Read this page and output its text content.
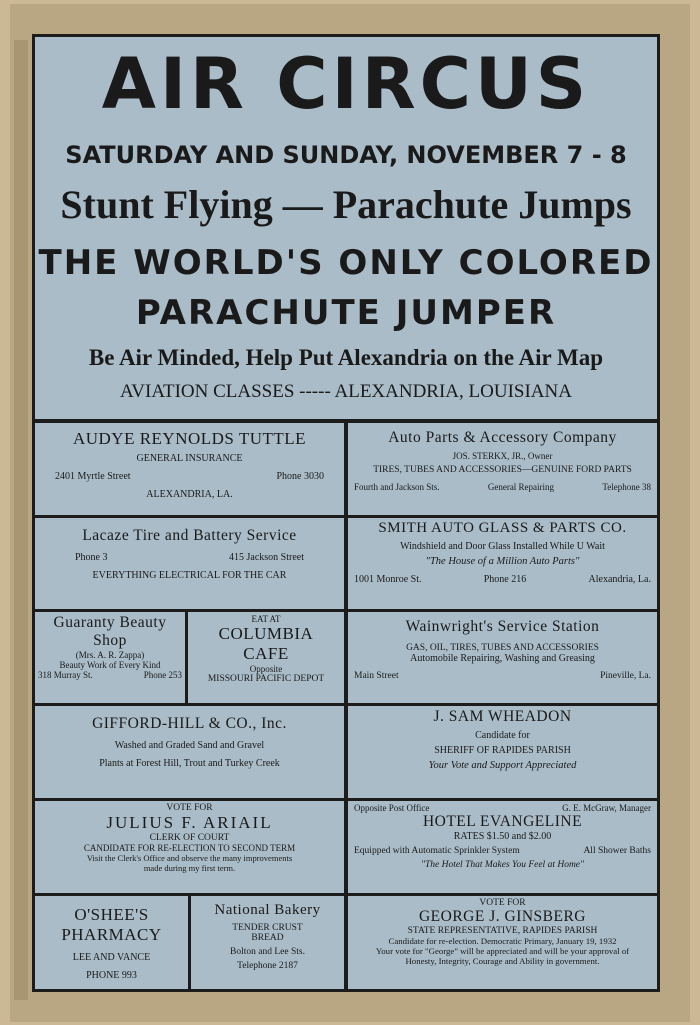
AIR CIRCUS
SATURDAY AND SUNDAY, NOVEMBER 7 - 8
Stunt Flying — Parachute Jumps
THE WORLD'S ONLY COLORED
PARACHUTE JUMPER
Be Air Minded, Help Put Alexandria on the Air Map
AVIATION CLASSES ----- ALEXANDRIA, LOUISIANA
AUDYE REYNOLDS TUTTLE
GENERAL INSURANCE
2401 Myrtle Street	Phone 3030
ALEXANDRIA, LA.
Auto Parts & Accessory Company
JOS. STERKX, JR., Owner
TIRES, TUBES AND ACCESSORIES—GENUINE FORD PARTS
Fourth and Jackson Sts.	General Repairing	Telephone 38
Lacaze Tire and Battery Service
Phone 3	415 Jackson Street
EVERYTHING ELECTRICAL FOR THE CAR
SMITH AUTO GLASS & PARTS CO.
Windshield and Door Glass Installed While U Wait
"The House of a Million Auto Parts"
1001 Monroe St.	Phone 216	Alexandria, La.
Guaranty Beauty
Shop
(Mrs. A. R. Zappa)
Beauty Work of Every Kind
318 Murray St.	Phone 253
EAT AT
COLUMBIA
CAFE
Opposite
MISSOURI PACIFIC DEPOT
Wainwright's Service Station
GAS, OIL, TIRES, TUBES AND ACCESSORIES
Automobile Repairing, Washing and Greasing
Main Street	Pineville, La.
GIFFORD-HILL & CO., Inc.
Washed and Graded Sand and Gravel
Plants at Forest Hill, Trout and Turkey Creek
J. SAM WHEADON
Candidate for
SHERIFF OF RAPIDES PARISH
Your Vote and Support Appreciated
VOTE FOR
JULIUS F. ARIAIL
CLERK OF COURT
CANDIDATE FOR RE-ELECTION TO SECOND TERM
Visit the Clerk's Office and observe the many improvements
made during my first term.
Opposite Post Office	G. E. McGraw, Manager
HOTEL EVANGELINE
RATES $1.50 and $2.00
Equipped with Automatic Sprinkler System	All Shower Baths
"The Hotel That Makes You Feel at Home"
O'SHEE'S
PHARMACY
LEE AND VANCE
PHONE 993
National Bakery
TENDER CRUST
BREAD
Bolton and Lee Sts.
Telephone 2187
VOTE FOR
GEORGE J. GINSBERG
STATE REPRESENTATIVE, RAPIDES PARISH
Candidate for re-election. Democratic Primary, January 19, 1932
Your vote for "George" will be appreciated and will be your approval of
Honesty, Integrity, Courage and Ability in government.
